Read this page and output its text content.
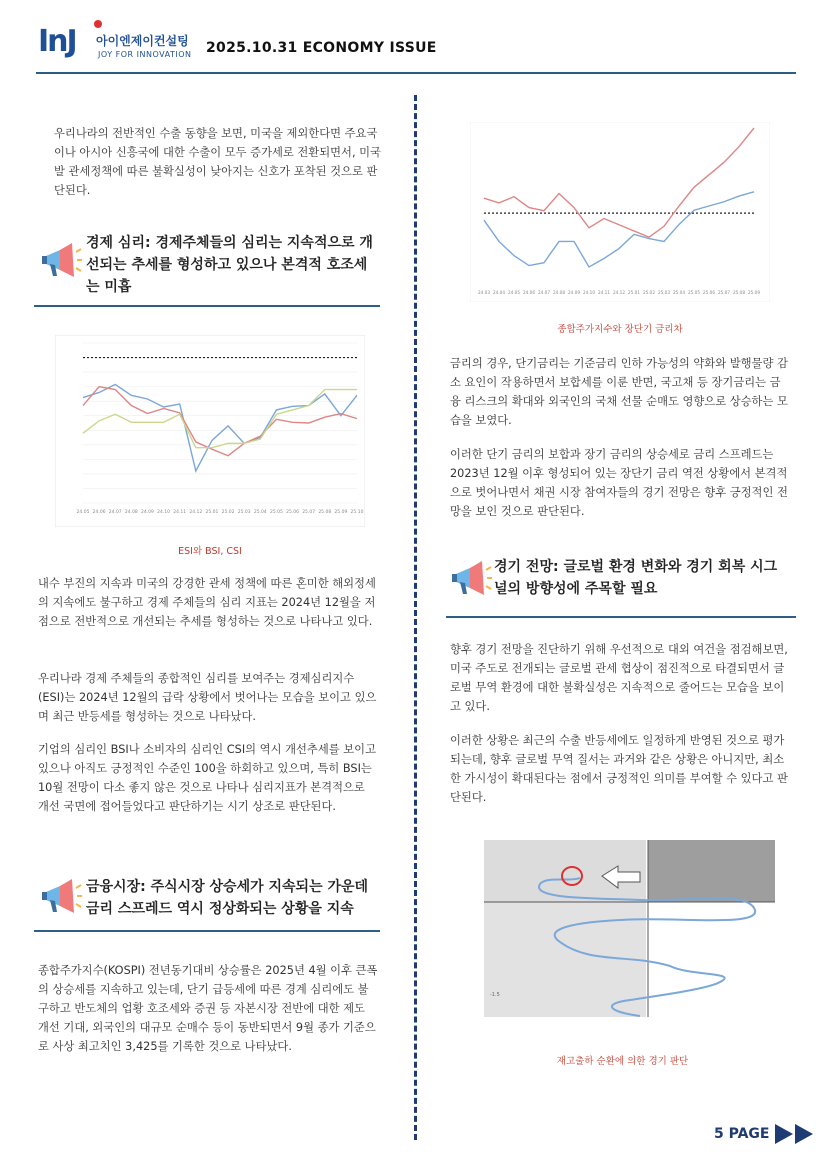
InJ 아이엔제이컨설팅
JOY FOR INNOVATION 2025.10.31 ECONOMY ISSUE

우리나라의 전반적인 수출 동향을 보면, 미국을 제외한다면 주요국이나 아시아 신흥국에 대한 수출이 모두 증가세로 전환되면서, 미국발 관세정책에 따른 불확실성이 낮아지는 신호가 포착된 것으로 판단된다.

경제 심리: 경제주체들의 심리는 지속적으로 개
선되는 추세를 형성하고 있으나 본격적 호조세
는 미흡
24.05 24.06 24.07 24.08 24.09 24.10 24.11 24.12 25.01 25.02 25.03 25.04 25.05 25.06 25.07 25.08 25.09 25.10
ESI와 BSI, CSI

내수 부진의 지속과 미국의 강경한 관세 정책에 따른 혼미한 해외정세의 지속에도 불구하고 경제 주체들의 심리 지표는 2024년 12월을 저점으로 전반적으로 개선되는 추세를 형성하는 것으로 나타나고 있다.

우리나라 경제 주체들의 종합적인 심리를 보여주는 경제심리지수(ESI)는 2024년 12월의 급락 상황에서 벗어나는 모습을 보이고 있으며 최근 반등세를 형성하는 것으로 나타났다.

기업의 심리인 BSI나 소비자의 심리인 CSI의 역시 개선추세를 보이고 있으나 아직도 긍정적인 수준인 100을 하회하고 있으며, 특히 BSI는 10월 전망이 다소 좋지 않은 것으로 나타나 심리지표가 본격적으로 개선 국면에 접어들었다고 판단하기는 시기 상조로 판단된다.

금융시장: 주식시장 상승세가 지속되는 가운데
금리 스프레드 역시 정상화되는 상황을 지속

종합주가지수(KOSPI) 전년동기대비 상승률은 2025년 4월 이후 큰폭의 상승세를 지속하고 있는데, 단기 급등세에 따른 경계 심리에도 불구하고 반도체의 업황 호조세와 증권 등 자본시장 전반에 대한 제도 개선 기대, 외국인의 대규모 순매수 등이 동반되면서 9월 종가 기준으로 사상 최고치인 3,425를 기록한 것으로 나타났다.

24.03 24.04 24.05 24.06 24.07 24.08 24.09 24.10 24.11 24.12 25.01 25.02 25.03 25.04 25.05 25.06 25.07 25.08 25.09
종합주가지수와 장단기 금리차

금리의 경우, 단기금리는 기준금리 인하 가능성의 약화와 발행물량 감소 요인이 작용하면서 보합세를 이룬 반면, 국고채 등 장기금리는 금융 리스크의 확대와 외국인의 국채 선물 순매도 영향으로 상승하는 모습을 보였다.

이러한 단기 금리의 보합과 장기 금리의 상승세로 금리 스프레드는 2023년 12월 이후 형성되어 있는 장단기 금리 역전 상황에서 본격적으로 벗어나면서 채권 시장 참여자들의 경기 전망은 향후 긍정적인 전망을 보인 것으로 판단된다.

경기 전망: 글로벌 환경 변화와 경기 회복 시그
널의 방향성에 주목할 필요

향후 경기 전망을 진단하기 위해 우선적으로 대외 여건을 점검해보면, 미국 주도로 전개되는 글로벌 관세 협상이 점진적으로 타결되면서 글로벌 무역 환경에 대한 불확실성은 지속적으로 줄어드는 모습을 보이고 있다.

이러한 상황은 최근의 수출 반등세에도 일정하게 반영된 것으로 평가되는데, 향후 글로벌 무역 질서는 과거와 같은 상황은 아니지만, 최소한 가시성이 확대된다는 점에서 긍정적인 의미를 부여할 수 있다고 판단된다.

-1.5
재고출하 순환에 의한 경기 판단
5 PAGE
